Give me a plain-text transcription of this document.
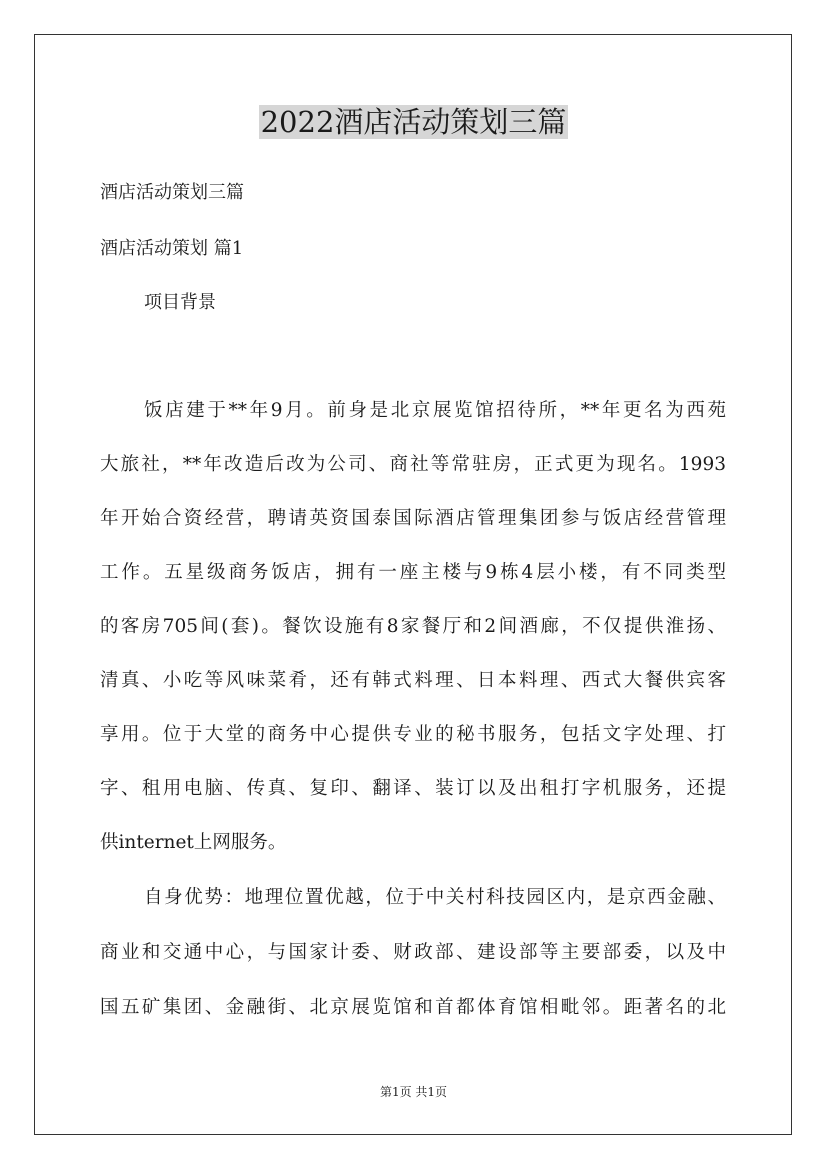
2022酒店活动策划三篇

酒店活动策划三篇

酒店活动策划 篇1

项目背景

饭店建于**年9月。前身是北京展览馆招待所，**年更名为西苑

大旅社，**年改造后改为公司、商社等常驻房，正式更为现名。1993

年开始合资经营，聘请英资国泰国际酒店管理集团参与饭店经营管理

工作。五星级商务饭店，拥有一座主楼与9栋4层小楼，有不同类型

的客房705间(套)。餐饮设施有8家餐厅和2间酒廊，不仅提供淮扬、

清真、小吃等风味菜肴，还有韩式料理、日本料理、西式大餐供宾客

享用。位于大堂的商务中心提供专业的秘书服务，包括文字处理、打

字、租用电脑、传真、复印、翻译、装订以及出租打字机服务，还提

供internet上网服务。

自身优势：地理位置优越，位于中关村科技园区内，是京西金融、

商业和交通中心，与国家计委、财政部、建设部等主要部委，以及中

国五矿集团、金融街、北京展览馆和首都体育馆相毗邻。距著名的北

第1页 共1页
